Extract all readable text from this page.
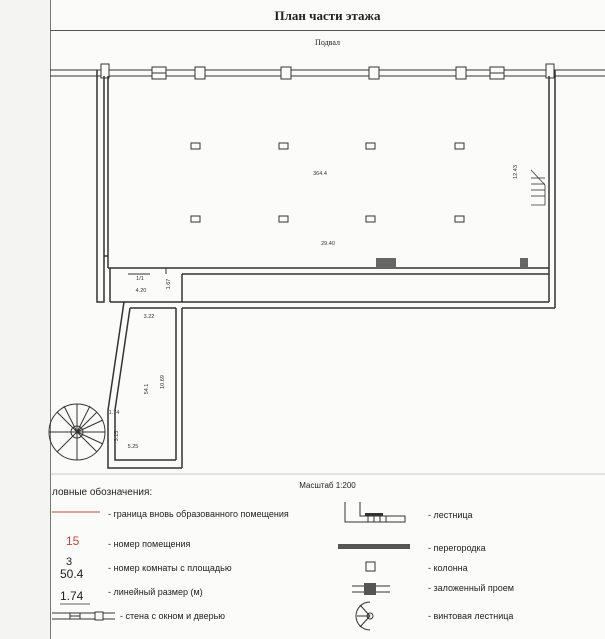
План части этажа
Подвал
364.4
29.40
12.43
1/1
4.20
1.67
3.22
10.69
54.1
1.74
3.15
5.25
Масштаб 1:200
ловные обозначения:
15
3
50.4
1.74
- граница вновь образованного помещения
- номер помещения
- номер комнаты с площадью
- линейный размер (м)
- стена с окном и дверью
- лестница
- перегородка
- колонна
- заложенный проем
- винтовая лестница
